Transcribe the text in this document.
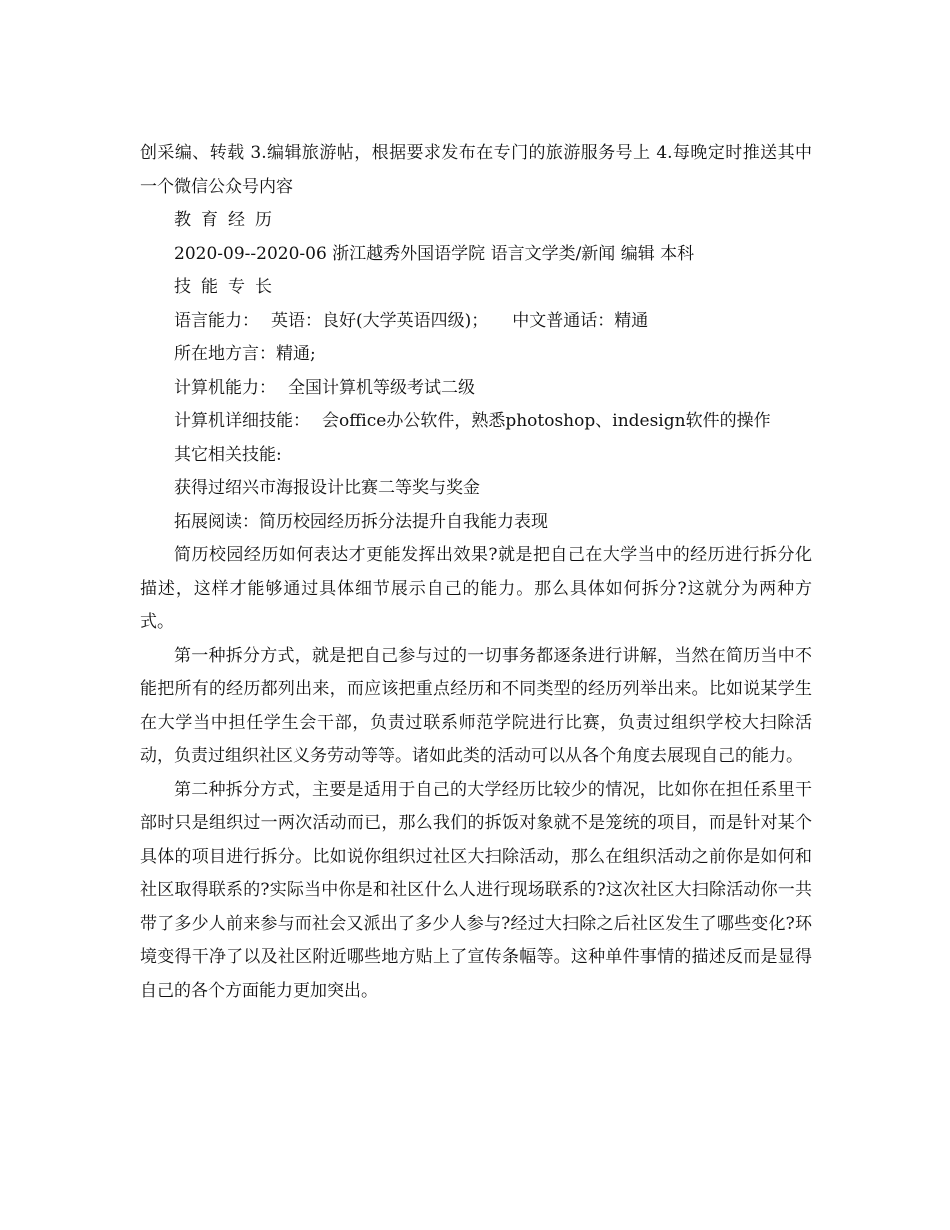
创采编、转载 3.编辑旅游帖，根据要求发布在专门的旅游服务号上 4.每晚定时推送其中一个微信公众号内容

教育经历

2020-09--2020-06 浙江越秀外国语学院 语言文学类/新闻 编辑 本科

技能专长

语言能力： 英语：良好(大学英语四级)； 中文普通话：精通

所在地方言：精通;

计算机能力： 全国计算机等级考试二级

计算机详细技能： 会office办公软件，熟悉photoshop、indesign软件的操作

其它相关技能:

获得过绍兴市海报设计比赛二等奖与奖金

拓展阅读：简历校园经历拆分法提升自我能力表现

简历校园经历如何表达才更能发挥出效果?就是把自己在大学当中的经历进行拆分化描述，这样才能够通过具体细节展示自己的能力。那么具体如何拆分?这就分为两种方式。

第一种拆分方式，就是把自己参与过的一切事务都逐条进行讲解，当然在简历当中不能把所有的经历都列出来，而应该把重点经历和不同类型的经历列举出来。比如说某学生在大学当中担任学生会干部，负责过联系师范学院进行比赛，负责过组织学校大扫除活动，负责过组织社区义务劳动等等。诸如此类的活动可以从各个角度去展现自己的能力。

第二种拆分方式，主要是适用于自己的大学经历比较少的情况，比如你在担任系里干部时只是组织过一两次活动而已，那么我们的拆饭对象就不是笼统的项目，而是针对某个具体的项目进行拆分。比如说你组织过社区大扫除活动，那么在组织活动之前你是如何和社区取得联系的?实际当中你是和社区什么人进行现场联系的?这次社区大扫除活动你一共带了多少人前来参与而社会又派出了多少人参与?经过大扫除之后社区发生了哪些变化?环境变得干净了以及社区附近哪些地方贴上了宣传条幅等。这种单件事情的描述反而是显得自己的各个方面能力更加突出。
